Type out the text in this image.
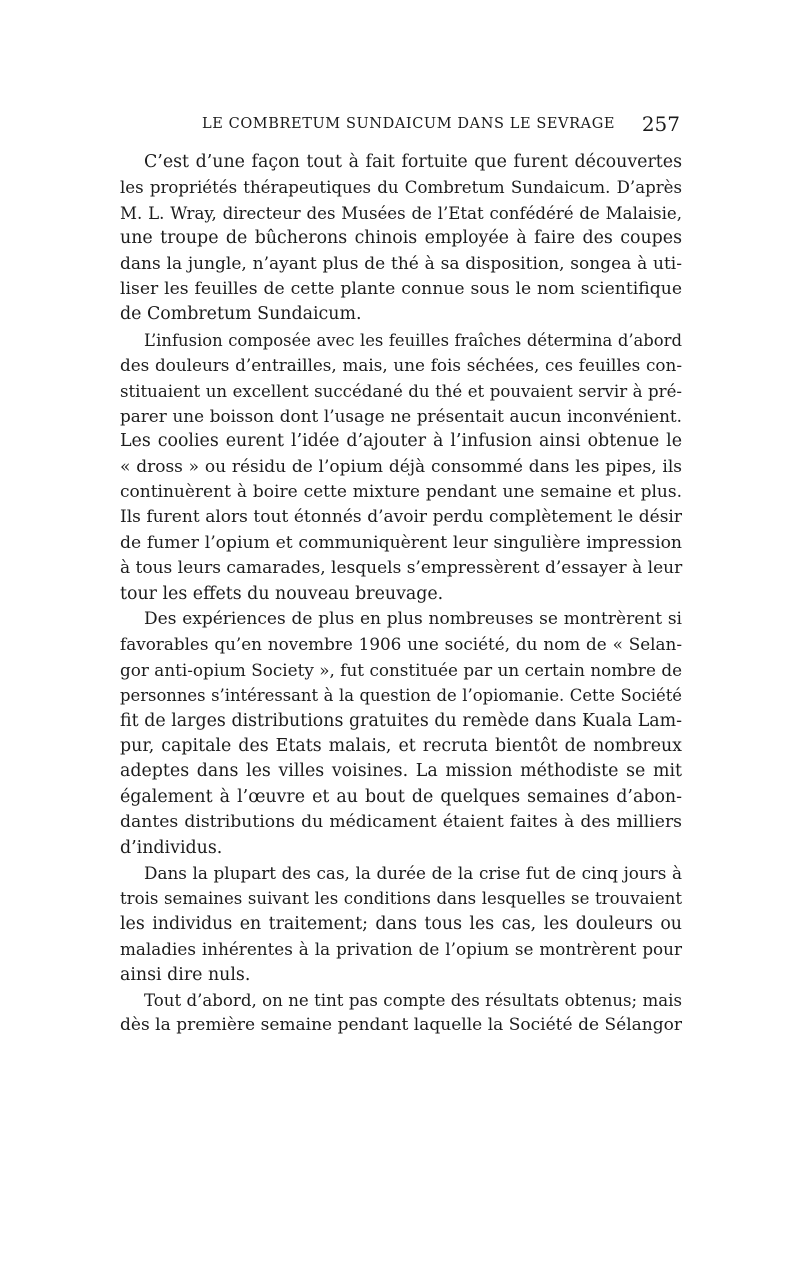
LE COMBRETUM SUNDAICUM DANS LE SEVRAGE 257
C’est d’une façon tout à fait fortuite que furent découvertes
les propriétés thérapeutiques du Combretum Sundaicum. D’après
M. L. Wray, directeur des Musées de l’Etat confédéré de Malaisie,
une troupe de bûcherons chinois employée à faire des coupes
dans la jungle, n’ayant plus de thé à sa disposition, songea à uti-
liser les feuilles de cette plante connue sous le nom scientifique
de Combretum Sundaicum.
L’infusion composée avec les feuilles fraîches détermina d’abord
des douleurs d’entrailles, mais, une fois séchées, ces feuilles con-
stituaient un excellent succédané du thé et pouvaient servir à pré-
parer une boisson dont l’usage ne présentait aucun inconvénient.
Les coolies eurent l’idée d’ajouter à l’infusion ainsi obtenue le
« dross » ou résidu de l’opium déjà consommé dans les pipes, ils
continuèrent à boire cette mixture pendant une semaine et plus.
Ils furent alors tout étonnés d’avoir perdu complètement le désir
de fumer l’opium et communiquèrent leur singulière impression
à tous leurs camarades, lesquels s’empressèrent d’essayer à leur
tour les effets du nouveau breuvage.
Des expériences de plus en plus nombreuses se montrèrent si
favorables qu’en novembre 1906 une société, du nom de « Selan-
gor anti-opium Society », fut constituée par un certain nombre de
personnes s’intéressant à la question de l’opiomanie. Cette Société
fit de larges distributions gratuites du remède dans Kuala Lam-
pur, capitale des Etats malais, et recruta bientôt de nombreux
adeptes dans les villes voisines. La mission méthodiste se mit
également à l’œuvre et au bout de quelques semaines d’abon-
dantes distributions du médicament étaient faites à des milliers
d’individus.
Dans la plupart des cas, la durée de la crise fut de cinq jours à
trois semaines suivant les conditions dans lesquelles se trouvaient
les individus en traitement; dans tous les cas, les douleurs ou
maladies inhérentes à la privation de l’opium se montrèrent pour
ainsi dire nuls.
Tout d’abord, on ne tint pas compte des résultats obtenus; mais
dès la première semaine pendant laquelle la Société de Sélangor
